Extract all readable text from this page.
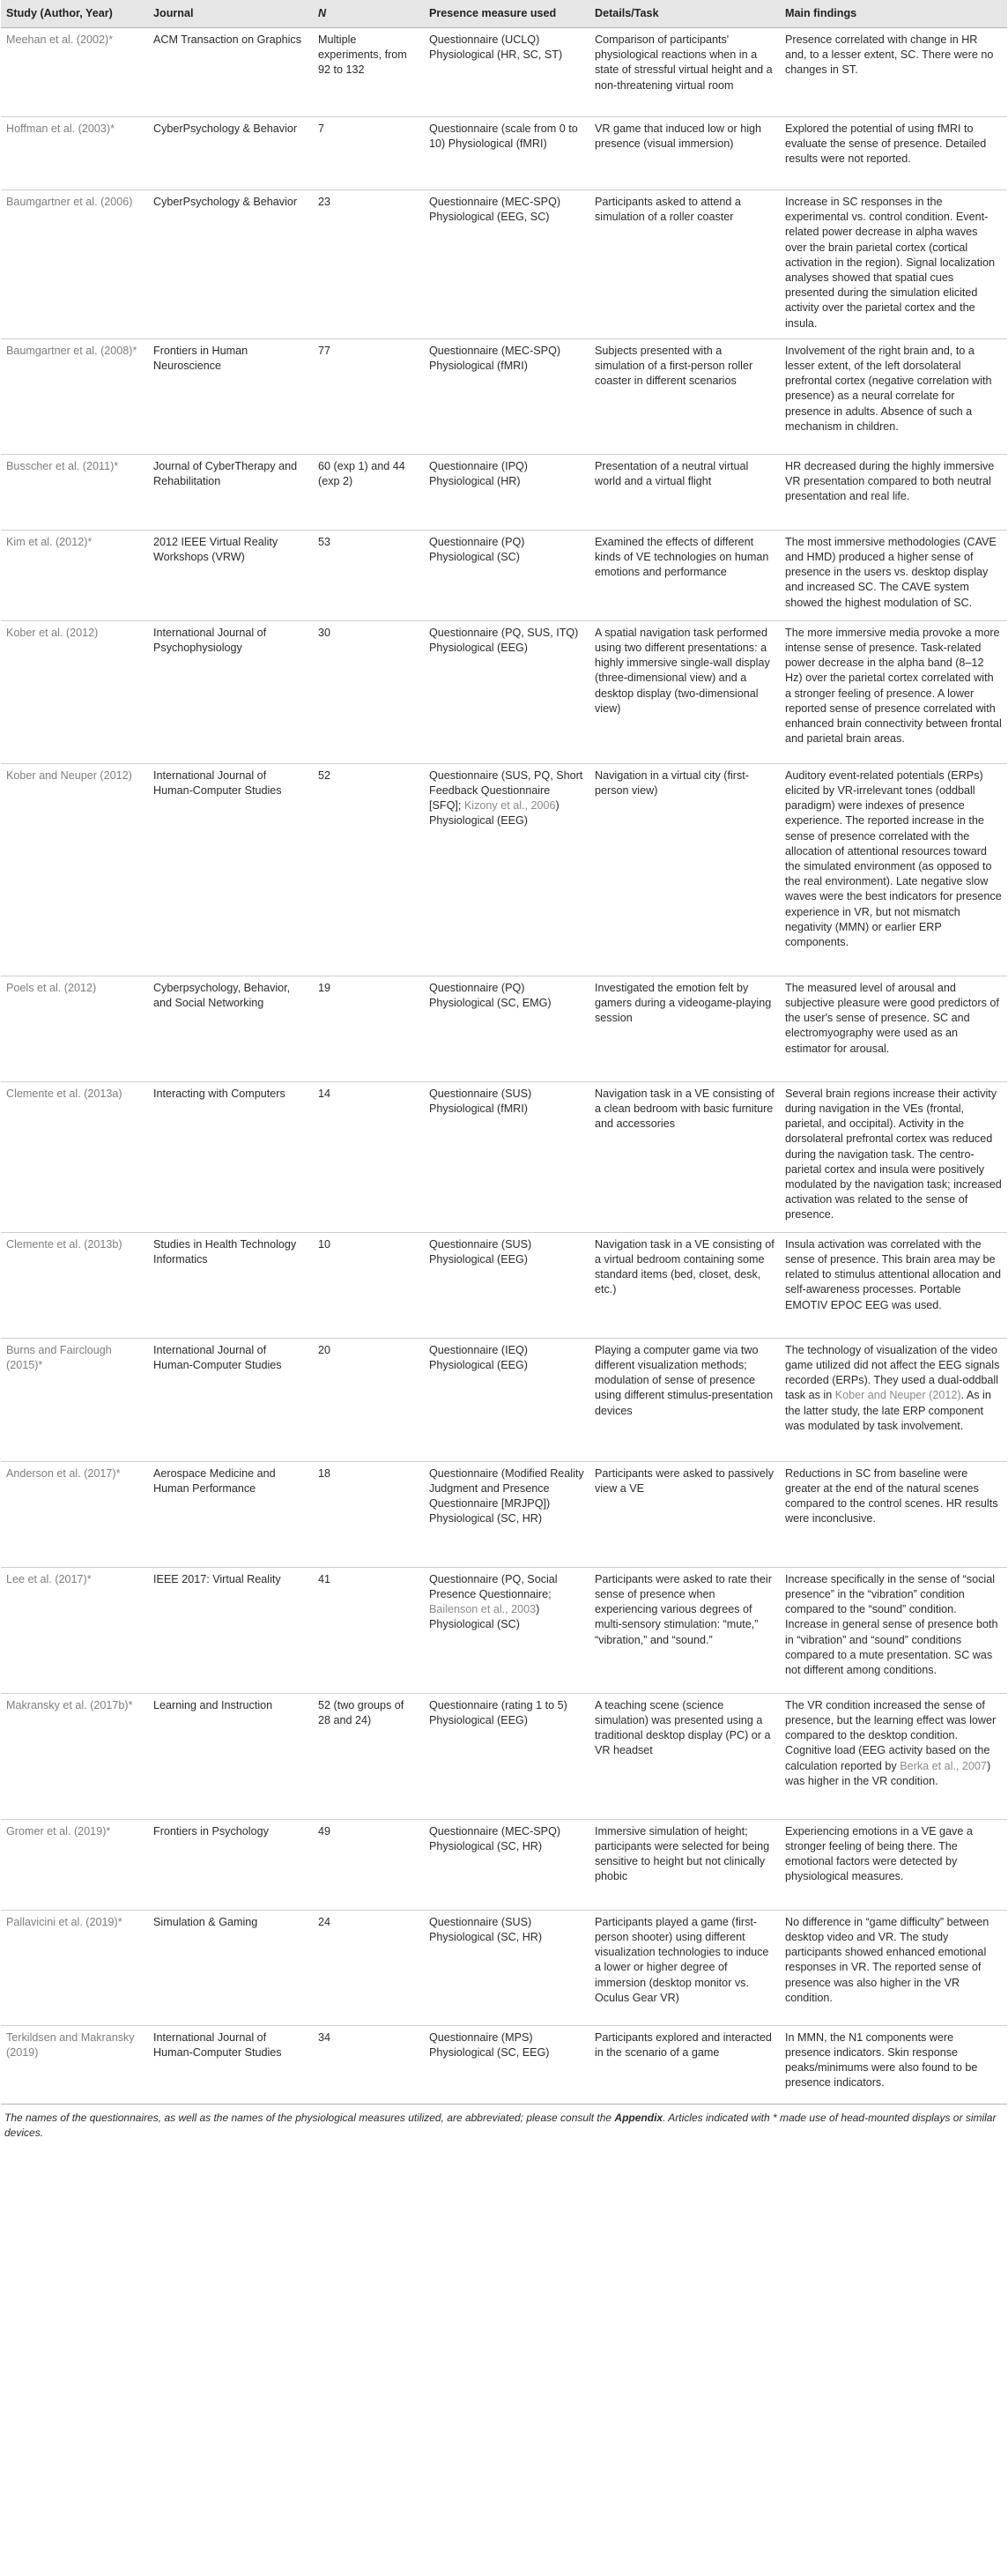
Study (Author, Year)	Journal	N	Presence measure used	Details/Task	Main findings
Meehan et al. (2002)*	ACM Transaction on Graphics	Multiple experiments, from 92 to 132	Questionnaire (UCLQ) Physiological (HR, SC, ST)	Comparison of participants' physiological reactions when in a state of stressful virtual height and a non-threatening virtual room	Presence correlated with change in HR and, to a lesser extent, SC. There were no changes in ST.
Hoffman et al. (2003)*	CyberPsychology & Behavior	7	Questionnaire (scale from 0 to 10) Physiological (fMRI)	VR game that induced low or high presence (visual immersion)	Explored the potential of using fMRI to evaluate the sense of presence. Detailed results were not reported.
Baumgartner et al. (2006)	CyberPsychology & Behavior	23	Questionnaire (MEC-SPQ) Physiological (EEG, SC)	Participants asked to attend a simulation of a roller coaster	Increase in SC responses in the experimental vs. control condition. Event-related power decrease in alpha waves over the brain parietal cortex (cortical activation in the region). Signal localization analyses showed that spatial cues presented during the simulation elicited activity over the parietal cortex and the insula.
Baumgartner et al. (2008)*	Frontiers in Human Neuroscience	77	Questionnaire (MEC-SPQ) Physiological (fMRI)	Subjects presented with a simulation of a first-person roller coaster in different scenarios	Involvement of the right brain and, to a lesser extent, of the left dorsolateral prefrontal cortex (negative correlation with presence) as a neural correlate for presence in adults. Absence of such a mechanism in children.
Busscher et al. (2011)*	Journal of CyberTherapy and Rehabilitation	60 (exp 1) and 44 (exp 2)	Questionnaire (IPQ) Physiological (HR)	Presentation of a neutral virtual world and a virtual flight	HR decreased during the highly immersive VR presentation compared to both neutral presentation and real life.
Kim et al. (2012)*	2012 IEEE Virtual Reality Workshops (VRW)	53	Questionnaire (PQ) Physiological (SC)	Examined the effects of different kinds of VE technologies on human emotions and performance	The most immersive methodologies (CAVE and HMD) produced a higher sense of presence in the users vs. desktop display and increased SC. The CAVE system showed the highest modulation of SC.
Kober et al. (2012)	International Journal of Psychophysiology	30	Questionnaire (PQ, SUS, ITQ) Physiological (EEG)	A spatial navigation task performed using two different presentations: a highly immersive single-wall display (three-dimensional view) and a desktop display (two-dimensional view)	The more immersive media provoke a more intense sense of presence. Task-related power decrease in the alpha band (8–12 Hz) over the parietal cortex correlated with a stronger feeling of presence. A lower reported sense of presence correlated with enhanced brain connectivity between frontal and parietal brain areas.
Kober and Neuper (2012)	International Journal of Human-Computer Studies	52	Questionnaire (SUS, PQ, Short Feedback Questionnaire [SFQ]; Kizony et al., 2006) Physiological (EEG)	Navigation in a virtual city (first-person view)	Auditory event-related potentials (ERPs) elicited by VR-irrelevant tones (oddball paradigm) were indexes of presence experience. The reported increase in the sense of presence correlated with the allocation of attentional resources toward the simulated environment (as opposed to the real environment). Late negative slow waves were the best indicators for presence experience in VR, but not mismatch negativity (MMN) or earlier ERP components.
Poels et al. (2012)	Cyberpsychology, Behavior, and Social Networking	19	Questionnaire (PQ) Physiological (SC, EMG)	Investigated the emotion felt by gamers during a videogame-playing session	The measured level of arousal and subjective pleasure were good predictors of the user's sense of presence. SC and electromyography were used as an estimator for arousal.
Clemente et al. (2013a)	Interacting with Computers	14	Questionnaire (SUS) Physiological (fMRI)	Navigation task in a VE consisting of a clean bedroom with basic furniture and accessories	Several brain regions increase their activity during navigation in the VEs (frontal, parietal, and occipital). Activity in the dorsolateral prefrontal cortex was reduced during the navigation task. The centro-parietal cortex and insula were positively modulated by the navigation task; increased activation was related to the sense of presence.
Clemente et al. (2013b)	Studies in Health Technology Informatics	10	Questionnaire (SUS) Physiological (EEG)	Navigation task in a VE consisting of a virtual bedroom containing some standard items (bed, closet, desk, etc.)	Insula activation was correlated with the sense of presence. This brain area may be related to stimulus attentional allocation and self-awareness processes. Portable EMOTIV EPOC EEG was used.
Burns and Fairclough (2015)*	International Journal of Human-Computer Studies	20	Questionnaire (IEQ) Physiological (EEG)	Playing a computer game via two different visualization methods; modulation of sense of presence using different stimulus-presentation devices	The technology of visualization of the video game utilized did not affect the EEG signals recorded (ERPs). They used a dual-oddball task as in Kober and Neuper (2012). As in the latter study, the late ERP component was modulated by task involvement.
Anderson et al. (2017)*	Aerospace Medicine and Human Performance	18	Questionnaire (Modified Reality Judgment and Presence Questionnaire [MRJPQ]) Physiological (SC, HR)	Participants were asked to passively view a VE	Reductions in SC from baseline were greater at the end of the natural scenes compared to the control scenes. HR results were inconclusive.
Lee et al. (2017)*	IEEE 2017: Virtual Reality	41	Questionnaire (PQ, Social Presence Questionnaire; Bailenson et al., 2003) Physiological (SC)	Participants were asked to rate their sense of presence when experiencing various degrees of multi-sensory stimulation: “mute,” “vibration,” and “sound.”	Increase specifically in the sense of “social presence” in the “vibration” condition compared to the “sound” condition. Increase in general sense of presence both in “vibration” and “sound” conditions compared to a mute presentation. SC was not different among conditions.
Makransky et al. (2017b)*	Learning and Instruction	52 (two groups of 28 and 24)	Questionnaire (rating 1 to 5) Physiological (EEG)	A teaching scene (science simulation) was presented using a traditional desktop display (PC) or a VR headset	The VR condition increased the sense of presence, but the learning effect was lower compared to the desktop condition. Cognitive load (EEG activity based on the calculation reported by Berka et al., 2007) was higher in the VR condition.
Gromer et al. (2019)*	Frontiers in Psychology	49	Questionnaire (MEC-SPQ) Physiological (SC, HR)	Immersive simulation of height; participants were selected for being sensitive to height but not clinically phobic	Experiencing emotions in a VE gave a stronger feeling of being there. The emotional factors were detected by physiological measures.
Pallavicini et al. (2019)*	Simulation & Gaming	24	Questionnaire (SUS) Physiological (SC, HR)	Participants played a game (first-person shooter) using different visualization technologies to induce a lower or higher degree of immersion (desktop monitor vs. Oculus Gear VR)	No difference in “game difficulty” between desktop video and VR. The study participants showed enhanced emotional responses in VR. The reported sense of presence was also higher in the VR condition.
Terkildsen and Makransky (2019)	International Journal of Human-Computer Studies	34	Questionnaire (MPS) Physiological (SC, EEG)	Participants explored and interacted in the scenario of a game	In MMN, the N1 components were presence indicators. Skin response peaks/minimums were also found to be presence indicators.
The names of the questionnaires, as well as the names of the physiological measures utilized, are abbreviated; please consult the Appendix. Articles indicated with * made use of head-mounted displays or similar devices.
